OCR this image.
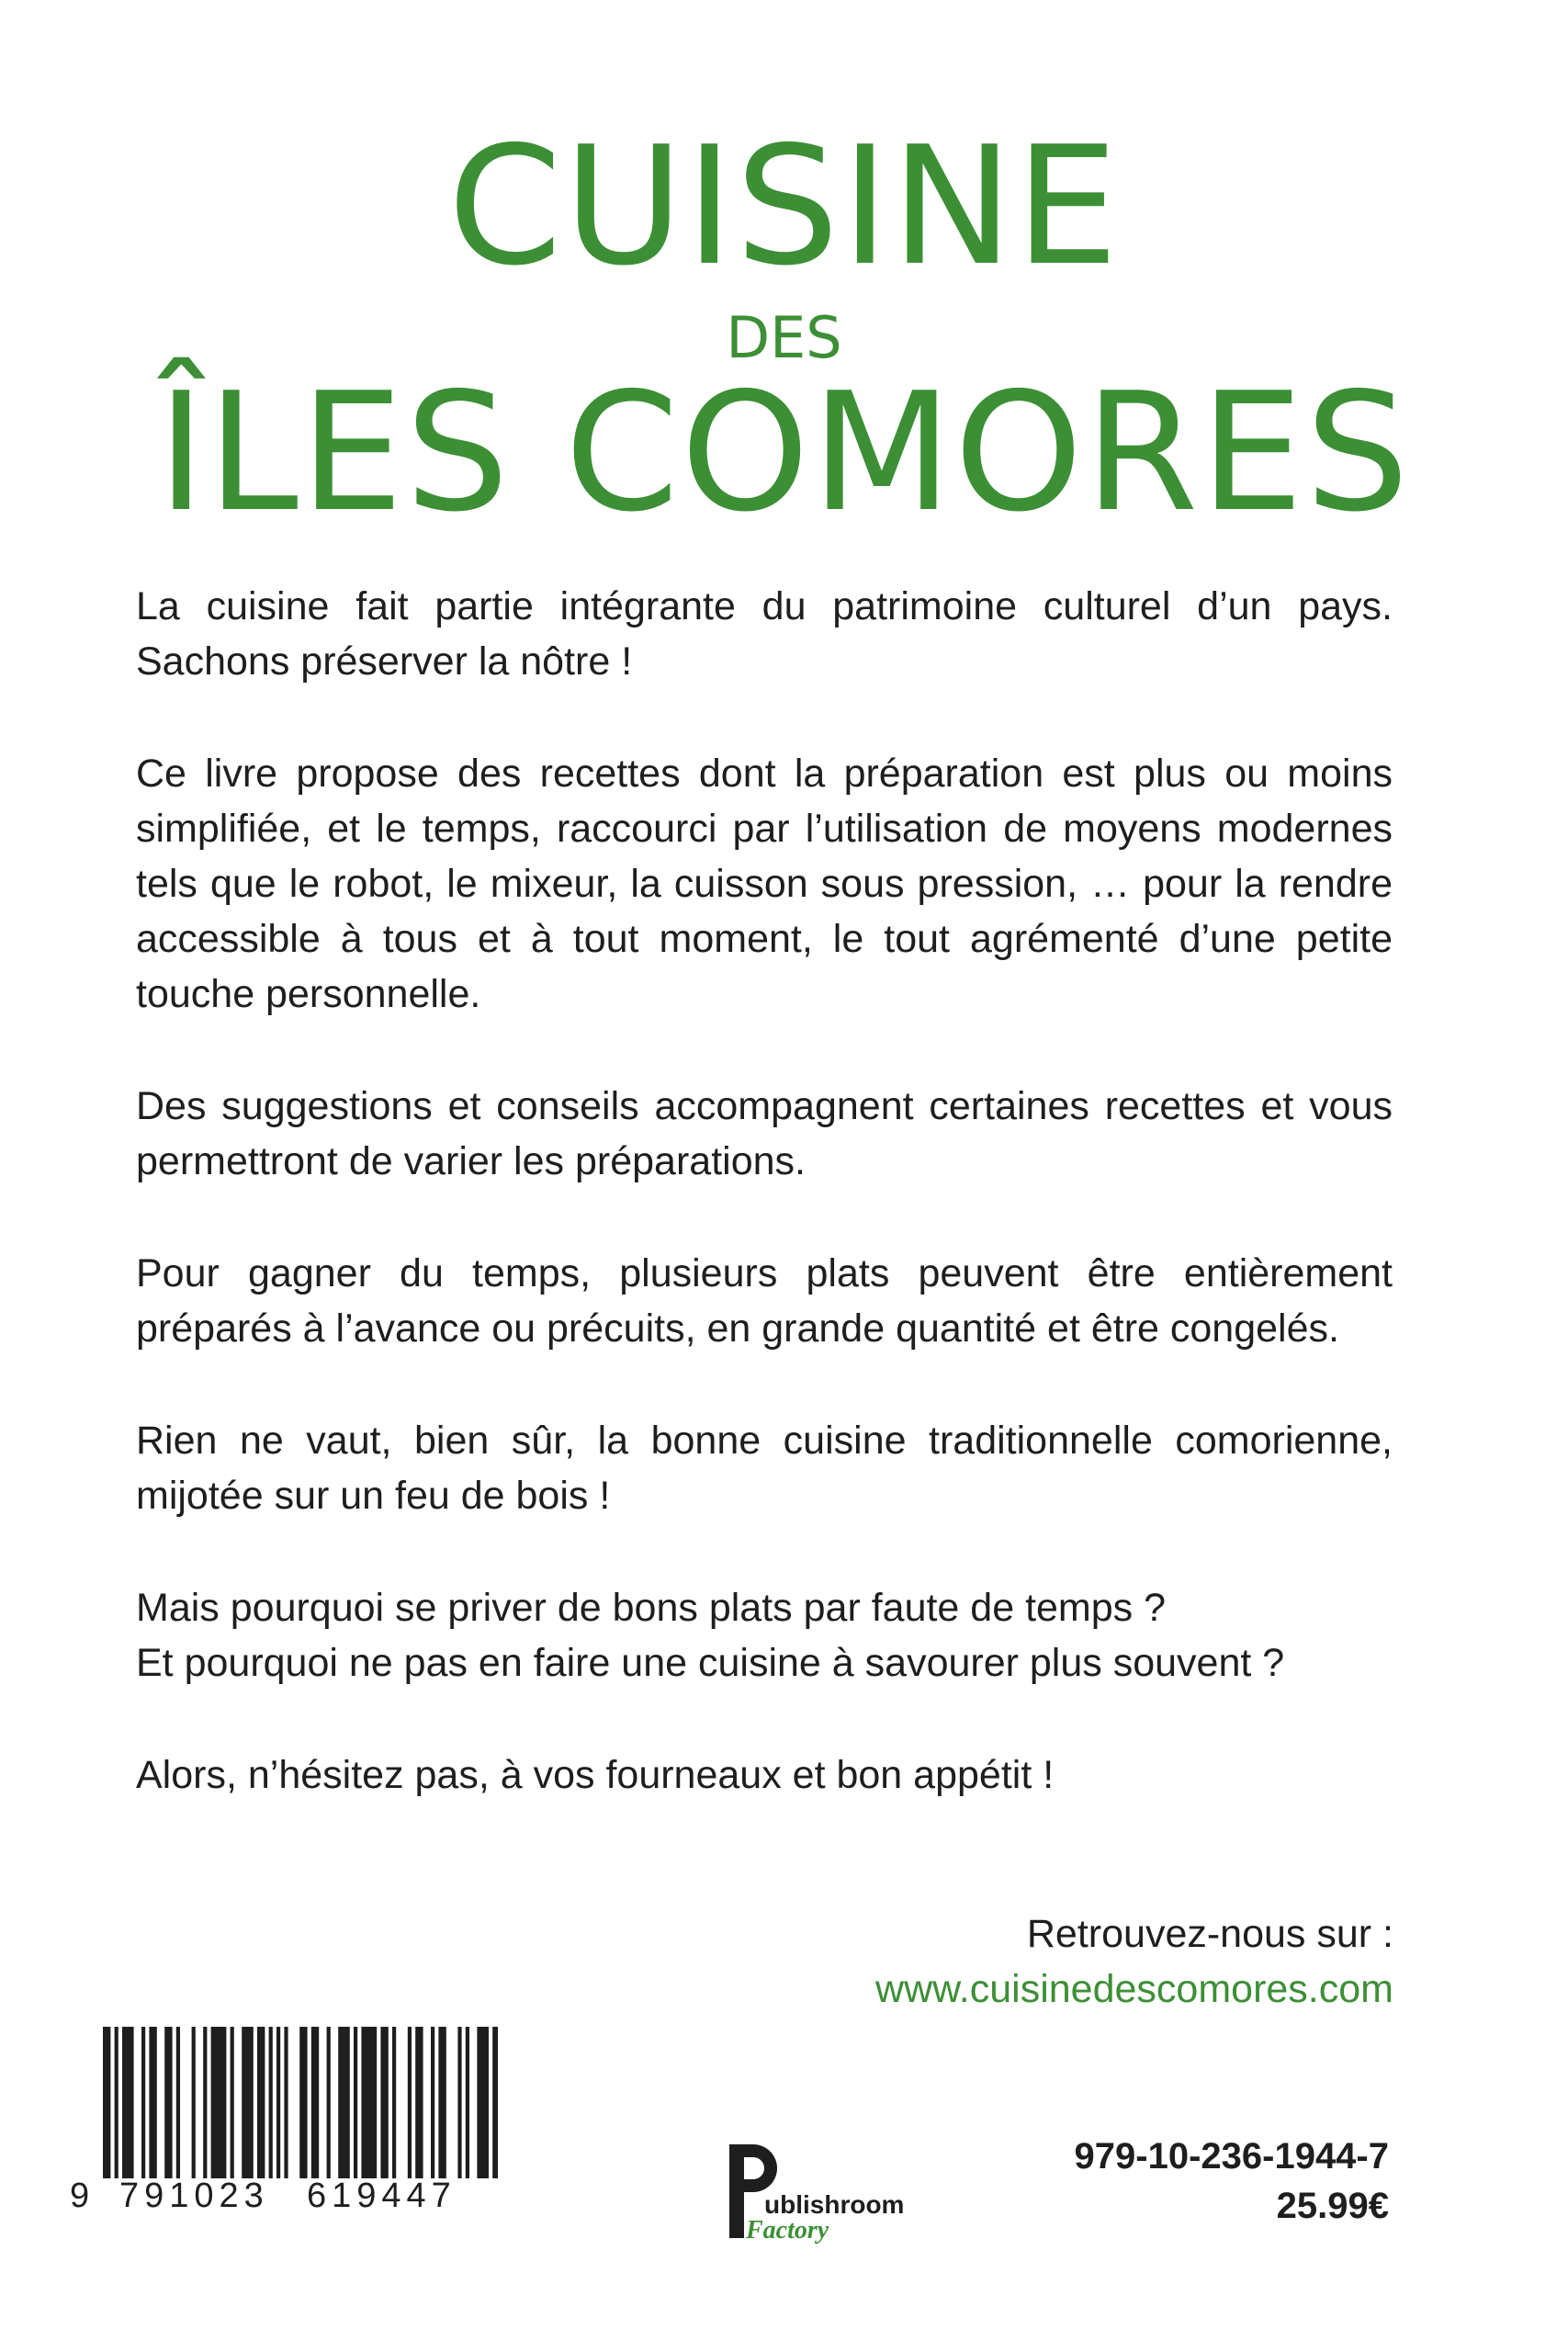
CUISINE
DES
ÎLES COMORES

La cuisine fait partie intégrante du patrimoine culturel d’un pays. Sachons préserver la nôtre !

Ce livre propose des recettes dont la préparation est plus ou moins simplifiée, et le temps, raccourci par l’utilisation de moyens modernes tels que le robot, le mixeur, la cuisson sous pression, … pour la rendre accessible à tous et à tout moment, le tout agrémenté d’une petite touche personnelle.

Des suggestions et conseils accompagnent certaines recettes et vous permettront de varier les préparations.

Pour gagner du temps, plusieurs plats peuvent être entièrement préparés à l’avance ou précuits, en grande quantité et être congelés.

Rien ne vaut, bien sûr, la bonne cuisine traditionnelle comorienne, mijotée sur un feu de bois !

Mais pourquoi se priver de bons plats par faute de temps ?
Et pourquoi ne pas en faire une cuisine à savourer plus souvent ?

Alors, n’hésitez pas, à vos fourneaux et bon appétit !

Retrouvez-nous sur :
www.cuisinedescomores.com
9 791023 619447	ublishroom
Factory
979-10-236-1944-7
25.99€
